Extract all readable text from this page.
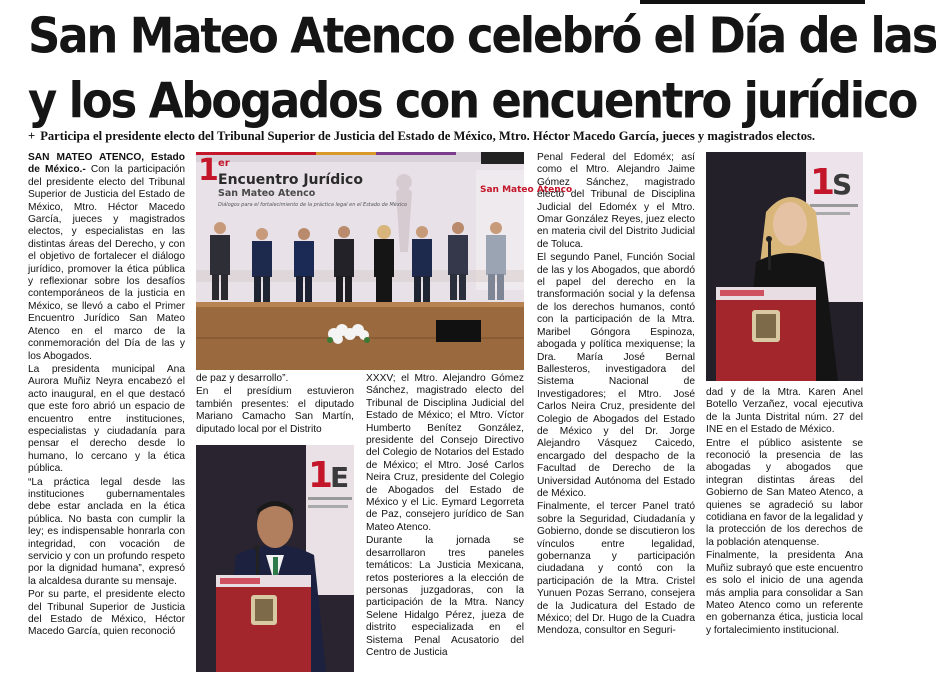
San Mateo Atenco celebró el Día de las
y los Abogados con encuentro jurídico
+ Participa el presidente electo del Tribunal Superior de Justicia del Estado de México, Mtro. Héctor Macedo García, jueces y magistrados electos.

SAN MATEO ATENCO, Estado de México.- Con la participación del presidente electo del Tribunal Superior de Justicia del Estado de México, Mtro. Héctor Macedo García, jueces y magistrados electos, y especialistas en las distintas áreas del Derecho, y con el objetivo de fortalecer el diálogo jurídico, promover la ética pública y reflexionar sobre los desafíos contemporáneos de la justicia en México, se llevó a cabo el Primer Encuentro Jurídico San Mateo Atenco en el marco de la conmemoración del Día de las y los Abogados.

La presidenta municipal Ana Aurora Muñiz Neyra encabezó el acto inaugural, en el que destacó que este foro abrió un espacio de encuentro entre instituciones, especialistas y ciudadanía para pensar el derecho desde lo humano, lo cercano y la ética pública.

“La práctica legal desde las instituciones gubernamentales debe estar anclada en la ética pública. No basta con cumplir la ley; es indispensable honrarla con integridad, con vocación de servicio y con un profundo respeto por la dignidad humana”, expresó la alcaldesa durante su mensaje.

Por su parte, el presidente electo del Tribunal Superior de Justicia del Estado de México, Héctor Macedo García, quien reconoció

1 er
Encuentro Jurídico
San Mateo Atenco
Diálogos para el fortalecimiento de la práctica legal en el Estado de México
San Mateo Atenco

de paz y desarrollo”.

En el presídium estuvieron también presentes: el diputado Mariano Camacho San Martín, diputado local por el Distrito

1
E

XXXV; el Mtro. Alejandro Gómez Sánchez, magistrado electo del Tribunal de Disciplina Judicial del Estado de México; el Mtro. Víctor Humberto Benítez González, presidente del Consejo Directivo del Colegio de Notarios del Estado de México; el Mtro. José Carlos Neira Cruz, presidente del Colegio de Abogados del Estado de México y el Lic. Eymard Legorreta de Paz, consejero jurídico de San Mateo Atenco.

Durante la jornada se desarrollaron tres paneles temáticos: La Justicia Mexicana, retos posteriores a la elección de personas juzgadoras, con la participación de la Mtra. Nancy Selene Hidalgo Pérez, jueza de distrito especializada en el Sistema Penal Acusatorio del Centro de Justicia

Penal Federal del Edoméx; así como el Mtro. Alejandro Jaime Gómez Sánchez, magistrado electo del Tribunal de Disciplina Judicial del Edoméx y el Mtro. Omar González Reyes, juez electo en materia civil del Distrito Judicial de Toluca.

El segundo Panel, Función Social de las y los Abogados, que abordó el papel del derecho en la transformación social y la defensa de los derechos humanos, contó con la participación de la Mtra. Maribel Góngora Espinoza, abogada y política mexiquense; la Dra. María José Bernal Ballesteros, investigadora del Sistema Nacional de Investigadores; el Mtro. José Carlos Neira Cruz, presidente del Colegio de Abogados del Estado de México y del Dr. Jorge Alejandro Vásquez Caicedo, encargado del despacho de la Facultad de Derecho de la Universidad Autónoma del Estado de México.

Finalmente, el tercer Panel trató sobre la Seguridad, Ciudadanía y Gobierno, donde se discutieron los vínculos entre legalidad, gobernanza y participación ciudadana y contó con la participación de la Mtra. Cristel Yunuen Pozas Serrano, consejera de la Judicatura del Estado de México; del Dr. Hugo de la Cuadra Mendoza, consultor en Seguri-

1
S

dad y de la Mtra. Karen Anel Botello Verzañez, vocal ejecutiva de la Junta Distrital núm. 27 del INE en el Estado de México.

Entre el público asistente se reconoció la presencia de las abogadas y abogados que integran distintas áreas del Gobierno de San Mateo Atenco, a quienes se agradeció su labor cotidiana en favor de la legalidad y la protección de los derechos de la población atenquense.

Finalmente, la presidenta Ana Muñiz subrayó que este encuentro es solo el inicio de una agenda más amplia para consolidar a San Mateo Atenco como un referente en gobernanza ética, justicia local y fortalecimiento institucional.
